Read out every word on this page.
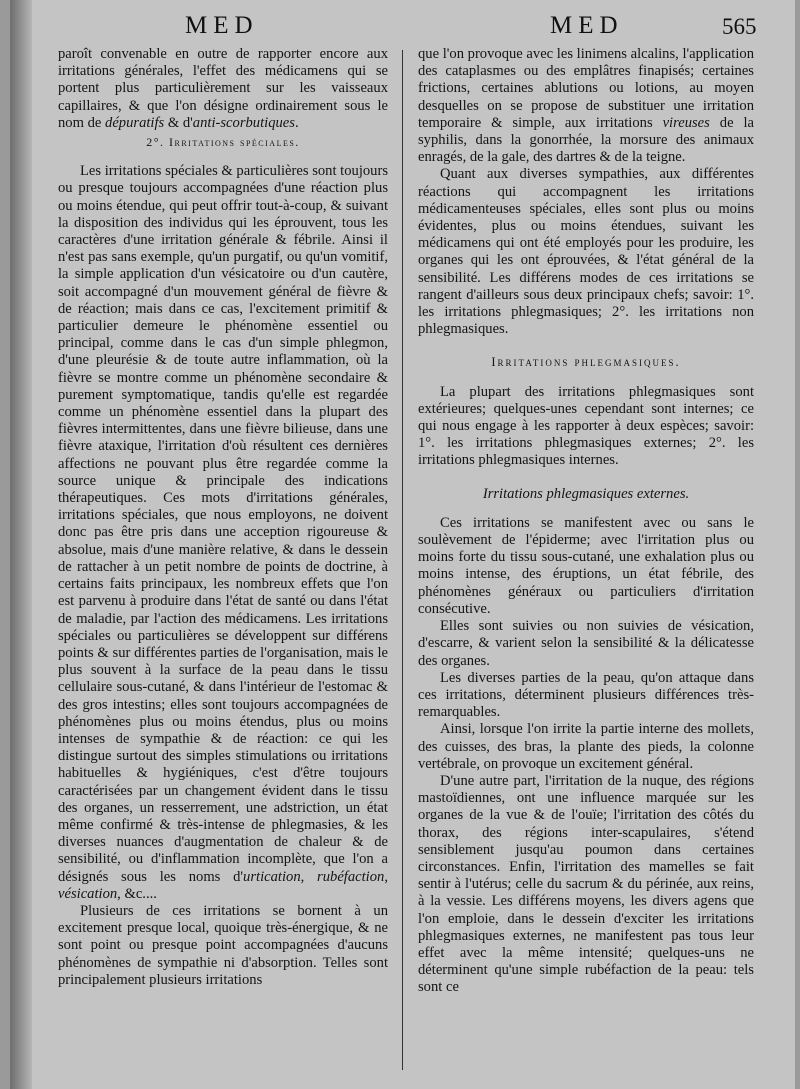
MED	MED	565

paroît convenable en outre de rapporter encore aux irritations générales, l'effet des médicamens qui se portent plus particulièrement sur les vaisseaux capillaires, & que l'on désigne ordinairement sous le nom de dépuratifs & d'anti-scorbutiques.

2°. Irritations spéciales.

Les irritations spéciales & particulières sont toujours ou presque toujours accompagnées d'une réaction plus ou moins étendue, qui peut offrir tout-à-coup, & suivant la disposition des individus qui les éprouvent, tous les caractères d'une irritation générale & fébrile. Ainsi il n'est pas sans exemple, qu'un purgatif, ou qu'un vomitif, la simple application d'un vésicatoire ou d'un cautère, soit accompagné d'un mouvement général de fièvre & de réaction; mais dans ce cas, l'excitement primitif & particulier demeure le phénomène essentiel ou principal, comme dans le cas d'un simple phlegmon, d'une pleurésie & de toute autre inflammation, où la fièvre se montre comme un phénomène secondaire & purement symptomatique, tandis qu'elle est regardée comme un phénomène essentiel dans la plupart des fièvres intermittentes, dans une fièvre bilieuse, dans une fièvre ataxique, l'irritation d'où résultent ces dernières affections ne pouvant plus être regardée comme la source unique & principale des indications thérapeutiques. Ces mots d'irritations générales, irritations spéciales, que nous employons, ne doivent donc pas être pris dans une acception rigoureuse & absolue, mais d'une manière relative, & dans le dessein de rattacher à un petit nombre de points de doctrine, à certains faits principaux, les nombreux effets que l'on est parvenu à produire dans l'état de santé ou dans l'état de maladie, par l'action des médicamens. Les irritations spéciales ou particulières se développent sur différens points & sur différentes parties de l'organisation, mais le plus souvent à la surface de la peau dans le tissu cellulaire sous-cutané, & dans l'intérieur de l'estomac & des gros intestins; elles sont toujours accompagnées de phénomènes plus ou moins étendus, plus ou moins intenses de sympathie & de réaction: ce qui les distingue surtout des simples stimulations ou irritations habituelles & hygiéniques, c'est d'être toujours caractérisées par un changement évident dans le tissu des organes, un resserrement, une adstriction, un état même confirmé & très-intense de phlegmasies, & les diverses nuances d'augmentation de chaleur & de sensibilité, ou d'inflammation incomplète, que l'on a désignés sous les noms d'urtication, rubéfaction, vésication, &c....

Plusieurs de ces irritations se bornent à un excitement presque local, quoique très-énergique, & ne sont point ou presque point accompagnées d'aucuns phénomènes de sympathie ni d'absorption. Telles sont principalement plusieurs irritations

que l'on provoque avec les linimens alcalins, l'application des cataplasmes ou des emplâtres finapisés; certaines frictions, certaines ablutions ou lotions, au moyen desquelles on se propose de substituer une irritation temporaire & simple, aux irritations vireuses de la syphilis, dans la gonorrhée, la morsure des animaux enragés, de la gale, des dartres & de la teigne.

Quant aux diverses sympathies, aux différentes réactions qui accompagnent les irritations médicamenteuses spéciales, elles sont plus ou moins évidentes, plus ou moins étendues, suivant les médicamens qui ont été employés pour les produire, les organes qui les ont éprouvées, & l'état général de la sensibilité. Les différens modes de ces irritations se rangent d'ailleurs sous deux principaux chefs; savoir: 1°. les irritations phlegmasiques; 2°. les irritations non phlegmasiques.

Irritations phlegmasiques.

La plupart des irritations phlegmasiques sont extérieures; quelques-unes cependant sont internes; ce qui nous engage à les rapporter à deux espèces; savoir: 1°. les irritations phlegmasiques externes; 2°. les irritations phlegmasiques internes.

Irritations phlegmasiques externes.

Ces irritations se manifestent avec ou sans le soulèvement de l'épiderme; avec l'irritation plus ou moins forte du tissu sous-cutané, une exhalation plus ou moins intense, des éruptions, un état fébrile, des phénomènes généraux ou particuliers d'irritation consécutive.

Elles sont suivies ou non suivies de vésication, d'escarre, & varient selon la sensibilité & la délicatesse des organes.

Les diverses parties de la peau, qu'on attaque dans ces irritations, déterminent plusieurs différences très-remarquables.

Ainsi, lorsque l'on irrite la partie interne des mollets, des cuisses, des bras, la plante des pieds, la colonne vertébrale, on provoque un excitement général.

D'une autre part, l'irritation de la nuque, des régions mastoïdiennes, ont une influence marquée sur les organes de la vue & de l'ouïe; l'irritation des côtés du thorax, des régions inter-scapulaires, s'étend sensiblement jusqu'au poumon dans certaines circonstances. Enfin, l'irritation des mamelles se fait sentir à l'utérus; celle du sacrum & du périnée, aux reins, à la vessie. Les différens moyens, les divers agens que l'on emploie, dans le dessein d'exciter les irritations phlegmasiques externes, ne manifestent pas tous leur effet avec la même intensité; quelques-uns ne déterminent qu'une simple rubéfaction de la peau: tels sont ce
